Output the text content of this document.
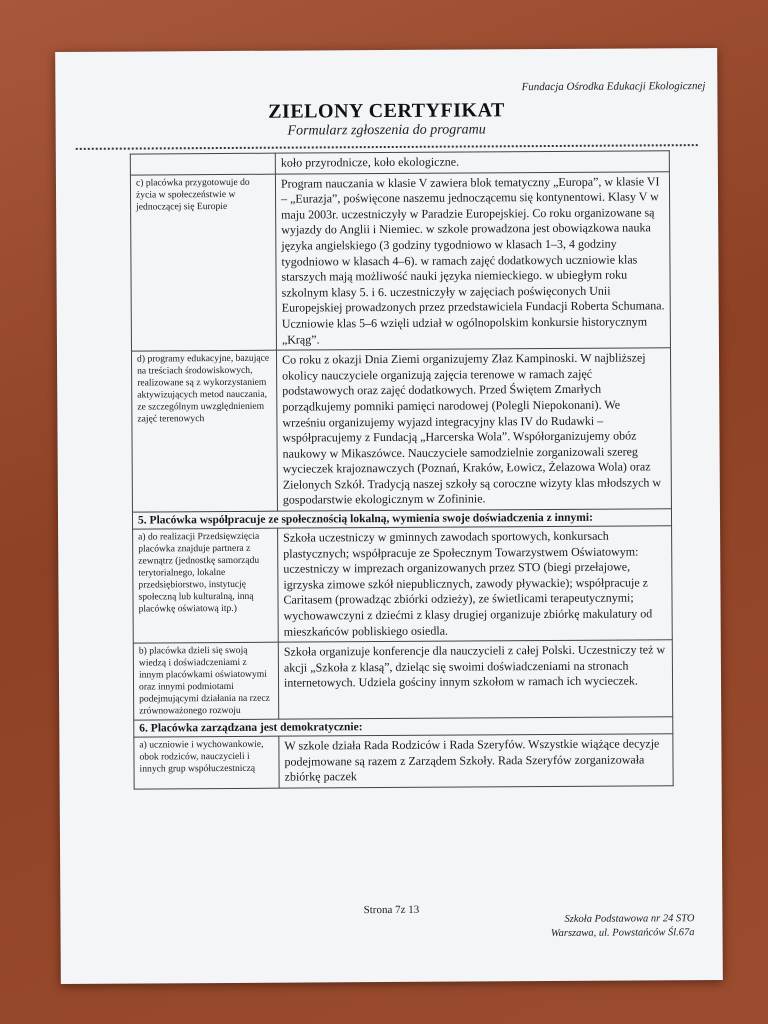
Fundacja Ośrodka Edukacji Ekologicznej
ZIELONY CERTYFIKAT
Formularz zgłoszenia do programu
	koło przyrodnicze, koło ekologiczne.
c) placówka przygotowuje do życia w społeczeństwie w jednoczącej się Europie	Program nauczania w klasie V zawiera blok tematyczny „Europa”, w klasie VI – „Eurazja”, poświęcone naszemu jednoczącemu się kontynentowi. Klasy V w maju 2003r. uczestniczyły w Paradzie Europejskiej. Co roku organizowane są wyjazdy do Anglii i Niemiec. w szkole prowadzona jest obowiązkowa nauka języka angielskiego (3 godziny tygodniowo w klasach 1–3, 4 godziny tygodniowo w klasach 4–6). w ramach zajęć dodatkowych uczniowie klas starszych mają możliwość nauki języka niemieckiego. w ubiegłym roku szkolnym klasy 5. i 6. uczestniczyły w zajęciach poświęconych Unii Europejskiej prowadzonych przez przedstawiciela Fundacji Roberta Schumana. Uczniowie klas 5–6 wzięli udział w ogólnopolskim konkursie historycznym „Krąg”.
d) programy edukacyjne, bazujące na treściach środowiskowych, realizowane są z wykorzystaniem aktywizujących metod nauczania, ze szczególnym uwzględnieniem zajęć terenowych	Co roku z okazji Dnia Ziemi organizujemy Złaz Kampinoski. W najbliższej okolicy nauczyciele organizują zajęcia terenowe w ramach zajęć podstawowych oraz zajęć dodatkowych. Przed Świętem Zmarłych porządkujemy pomniki pamięci narodowej (Polegli Niepokonani). We wrześniu organizujemy wyjazd integracyjny klas IV do Rudawki – współpracujemy z Fundacją „Harcerska Wola”. Współorganizujemy obóz naukowy w Mikaszówce. Nauczyciele samodzielnie zorganizowali szereg wycieczek krajoznawczych (Poznań, Kraków, Łowicz, Żelazowa Wola) oraz Zielonych Szkół. Tradycją naszej szkoły są coroczne wizyty klas młodszych w gospodarstwie ekologicznym w Zofininie.
5. Placówka współpracuje ze społecznością lokalną, wymienia swoje doświadczenia z innymi:	
a) do realizacji Przedsięwzięcia placówka znajduje partnera z zewnątrz (jednostkę samorządu terytorialnego, lokalne przedsiębiorstwo, instytucję społeczną lub kulturalną, inną placówkę oświatową itp.)	Szkoła uczestniczy w gminnych zawodach sportowych, konkursach plastycznych; współpracuje ze Społecznym Towarzystwem Oświatowym: uczestniczy w imprezach organizowanych przez STO (biegi przełajowe, igrzyska zimowe szkół niepublicznych, zawody pływackie); współpracuje z Caritasem (prowadząc zbiórki odzieży), ze świetlicami terapeutycznymi; wychowawczyni z dziećmi z klasy drugiej organizuje zbiórkę makulatury od mieszkańców pobliskiego osiedla.
b) placówka dzieli się swoją wiedzą i doświadczeniami z innym placówkami oświatowymi oraz innymi podmiotami podejmującymi działania na rzecz zrównoważonego rozwoju	Szkoła organizuje konferencje dla nauczycieli z całej Polski. Uczestniczy też w akcji „Szkoła z klasą”, dzieląc się swoimi doświadczeniami na stronach internetowych. Udziela gościny innym szkołom w ramach ich wycieczek.
6. Placówka zarządzana jest demokratycznie:	
a) uczniowie i wychowankowie, obok rodziców, nauczycieli i innych grup współuczestniczą	W szkole działa Rada Rodziców i Rada Szeryfów. Wszystkie wiążące decyzje podejmowane są razem z Zarządem Szkoły. Rada Szeryfów zorganizowała zbiórkę paczek
Strona 7z 13
Szkoła Podstawowa nr 24 STO
Warszawa, ul. Powstańców Śl.67a
